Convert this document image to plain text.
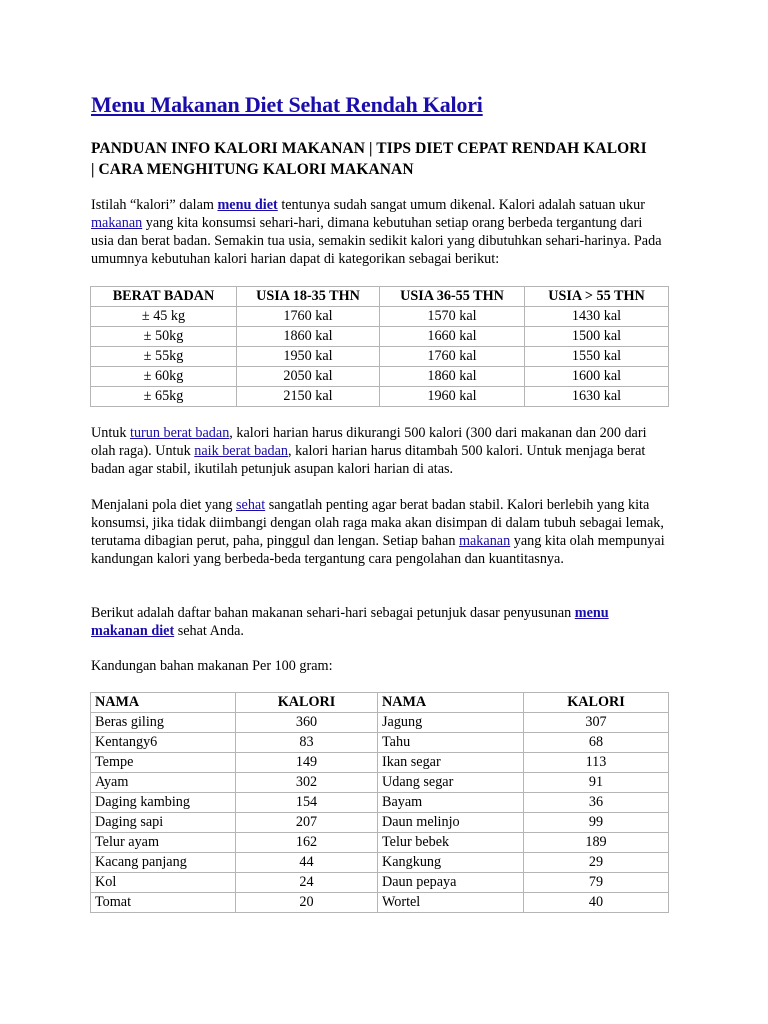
Menu Makanan Diet Sehat Rendah Kalori
PANDUAN INFO KALORI MAKANAN | TIPS DIET CEPAT RENDAH KALORI | CARA MENGHITUNG KALORI MAKANAN

Istilah “kalori” dalam menu diet tentunya sudah sangat umum dikenal. Kalori adalah satuan ukur makanan yang kita konsumsi sehari-hari, dimana kebutuhan setiap orang berbeda tergantung dari usia dan berat badan. Semakin tua usia, semakin sedikit kalori yang dibutuhkan sehari-harinya. Pada umumnya kebutuhan kalori harian dapat di kategorikan sebagai berikut:

BERAT BADAN	USIA 18-35 THN	USIA 36-55 THN	USIA > 55 THN
± 45 kg	1760 kal	1570 kal	1430 kal
± 50kg	1860 kal	1660 kal	1500 kal
± 55kg	1950 kal	1760 kal	1550 kal
± 60kg	2050 kal	1860 kal	1600 kal
± 65kg	2150 kal	1960 kal	1630 kal

Untuk turun berat badan, kalori harian harus dikurangi 500 kalori (300 dari makanan dan 200 dari olah raga). Untuk naik berat badan, kalori harian harus ditambah 500 kalori. Untuk menjaga berat badan agar stabil, ikutilah petunjuk asupan kalori harian di atas.

Menjalani pola diet yang sehat sangatlah penting agar berat badan stabil. Kalori berlebih yang kita konsumsi, jika tidak diimbangi dengan olah raga maka akan disimpan di dalam tubuh sebagai lemak, terutama dibagian perut, paha, pinggul dan lengan. Setiap bahan makanan yang kita olah mempunyai kandungan kalori yang berbeda-beda tergantung cara pengolahan dan kuantitasnya.

Berikut adalah daftar bahan makanan sehari-hari sebagai petunjuk dasar penyusunan menu makanan diet sehat Anda.

Kandungan bahan makanan Per 100 gram:

NAMA	KALORI	NAMA	KALORI
Beras giling	360	Jagung	307
Kentangy6	83	Tahu	68
Tempe	149	Ikan segar	113
Ayam	302	Udang segar	91
Daging kambing	154	Bayam	36
Daging sapi	207	Daun melinjo	99
Telur ayam	162	Telur bebek	189
Kacang panjang	44	Kangkung	29
Kol	24	Daun pepaya	79
Tomat	20	Wortel	40
